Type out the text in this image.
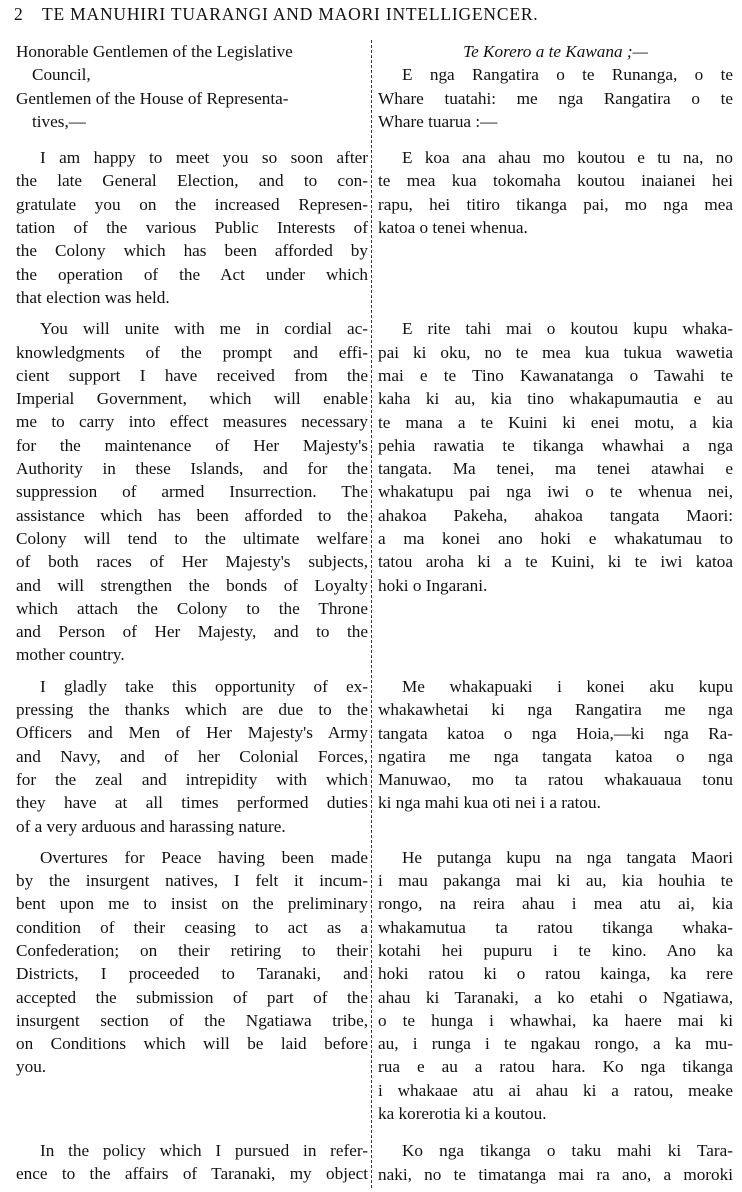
2 TE MANUHIRI TUARANGI AND MAORI INTELLIGENCER.
Honorable Gentlemen of the Legislative
Council,
Gentlemen of the House of Representa-
tives,—
I am happy to meet you so soon after
the late General Election, and to con-
gratulate you on the increased Represen-
tation of the various Public Interests of
the Colony which has been afforded by
the operation of the Act under which
that election was held.
You will unite with me in cordial ac-
knowledgments of the prompt and effi-
cient support I have received from the
Imperial Government, which will enable
me to carry into effect measures necessary
for the maintenance of Her Majesty's
Authority in these Islands, and for the
suppression of armed Insurrection. The
assistance which has been afforded to the
Colony will tend to the ultimate welfare
of both races of Her Majesty's subjects,
and will strengthen the bonds of Loyalty
which attach the Colony to the Throne
and Person of Her Majesty, and to the
mother country.
I gladly take this opportunity of ex-
pressing the thanks which are due to the
Officers and Men of Her Majesty's Army
and Navy, and of her Colonial Forces,
for the zeal and intrepidity with which
they have at all times performed duties
of a very arduous and harassing nature.
Overtures for Peace having been made
by the insurgent natives, I felt it incum-
bent upon me to insist on the preliminary
condition of their ceasing to act as a
Confederation; on their retiring to their
Districts, I proceeded to Taranaki, and
accepted the submission of part of the
insurgent section of the Ngatiawa tribe,
on Conditions which will be laid before
you.
In the policy which I pursued in refer-
ence to the affairs of Taranaki, my object
Te Korero a te Kawana ;—
E nga Rangatira o te Runanga, o te
Whare tuatahi: me nga Rangatira o te
Whare tuarua :—
E koa ana ahau mo koutou e tu na, no
te mea kua tokomaha koutou inaianei hei
rapu, hei titiro tikanga pai, mo nga mea
katoa o tenei whenua.
E rite tahi mai o koutou kupu whaka-
pai ki oku, no te mea kua tukua wawetia
mai e te Tino Kawanatanga o Tawahi te
kaha ki au, kia tino whakapumautia e au
te mana a te Kuini ki enei motu, a kia
pehia rawatia te tikanga whawhai a nga
tangata. Ma tenei, ma tenei atawhai e
whakatupu pai nga iwi o te whenua nei,
ahakoa Pakeha, ahakoa tangata Maori:
a ma konei ano hoki e whakatumau to
tatou aroha ki a te Kuini, ki te iwi katoa
hoki o Ingarani.
Me whakapuaki i konei aku kupu
whakawhetai ki nga Rangatira me nga
tangata katoa o nga Hoia,—ki nga Ra-
ngatira me nga tangata katoa o nga
Manuwao, mo ta ratou whakauaua tonu
ki nga mahi kua oti nei i a ratou.
He putanga kupu na nga tangata Maori
i mau pakanga mai ki au, kia houhia te
rongo, na reira ahau i mea atu ai, kia
whakamutua ta ratou tikanga whaka-
kotahi hei pupuru i te kino. Ano ka
hoki ratou ki o ratou kainga, ka rere
ahau ki Taranaki, a ko etahi o Ngatiawa,
o te hunga i whawhai, ka haere mai ki
au, i runga i te ngakau rongo, a ka mu-
rua e au a ratou hara. Ko nga tikanga
i whakaae atu ai ahau ki a ratou, meake
ka korerotia ki a koutou.
Ko nga tikanga o taku mahi ki Tara-
naki, no te timatanga mai ra ano, a moroki
